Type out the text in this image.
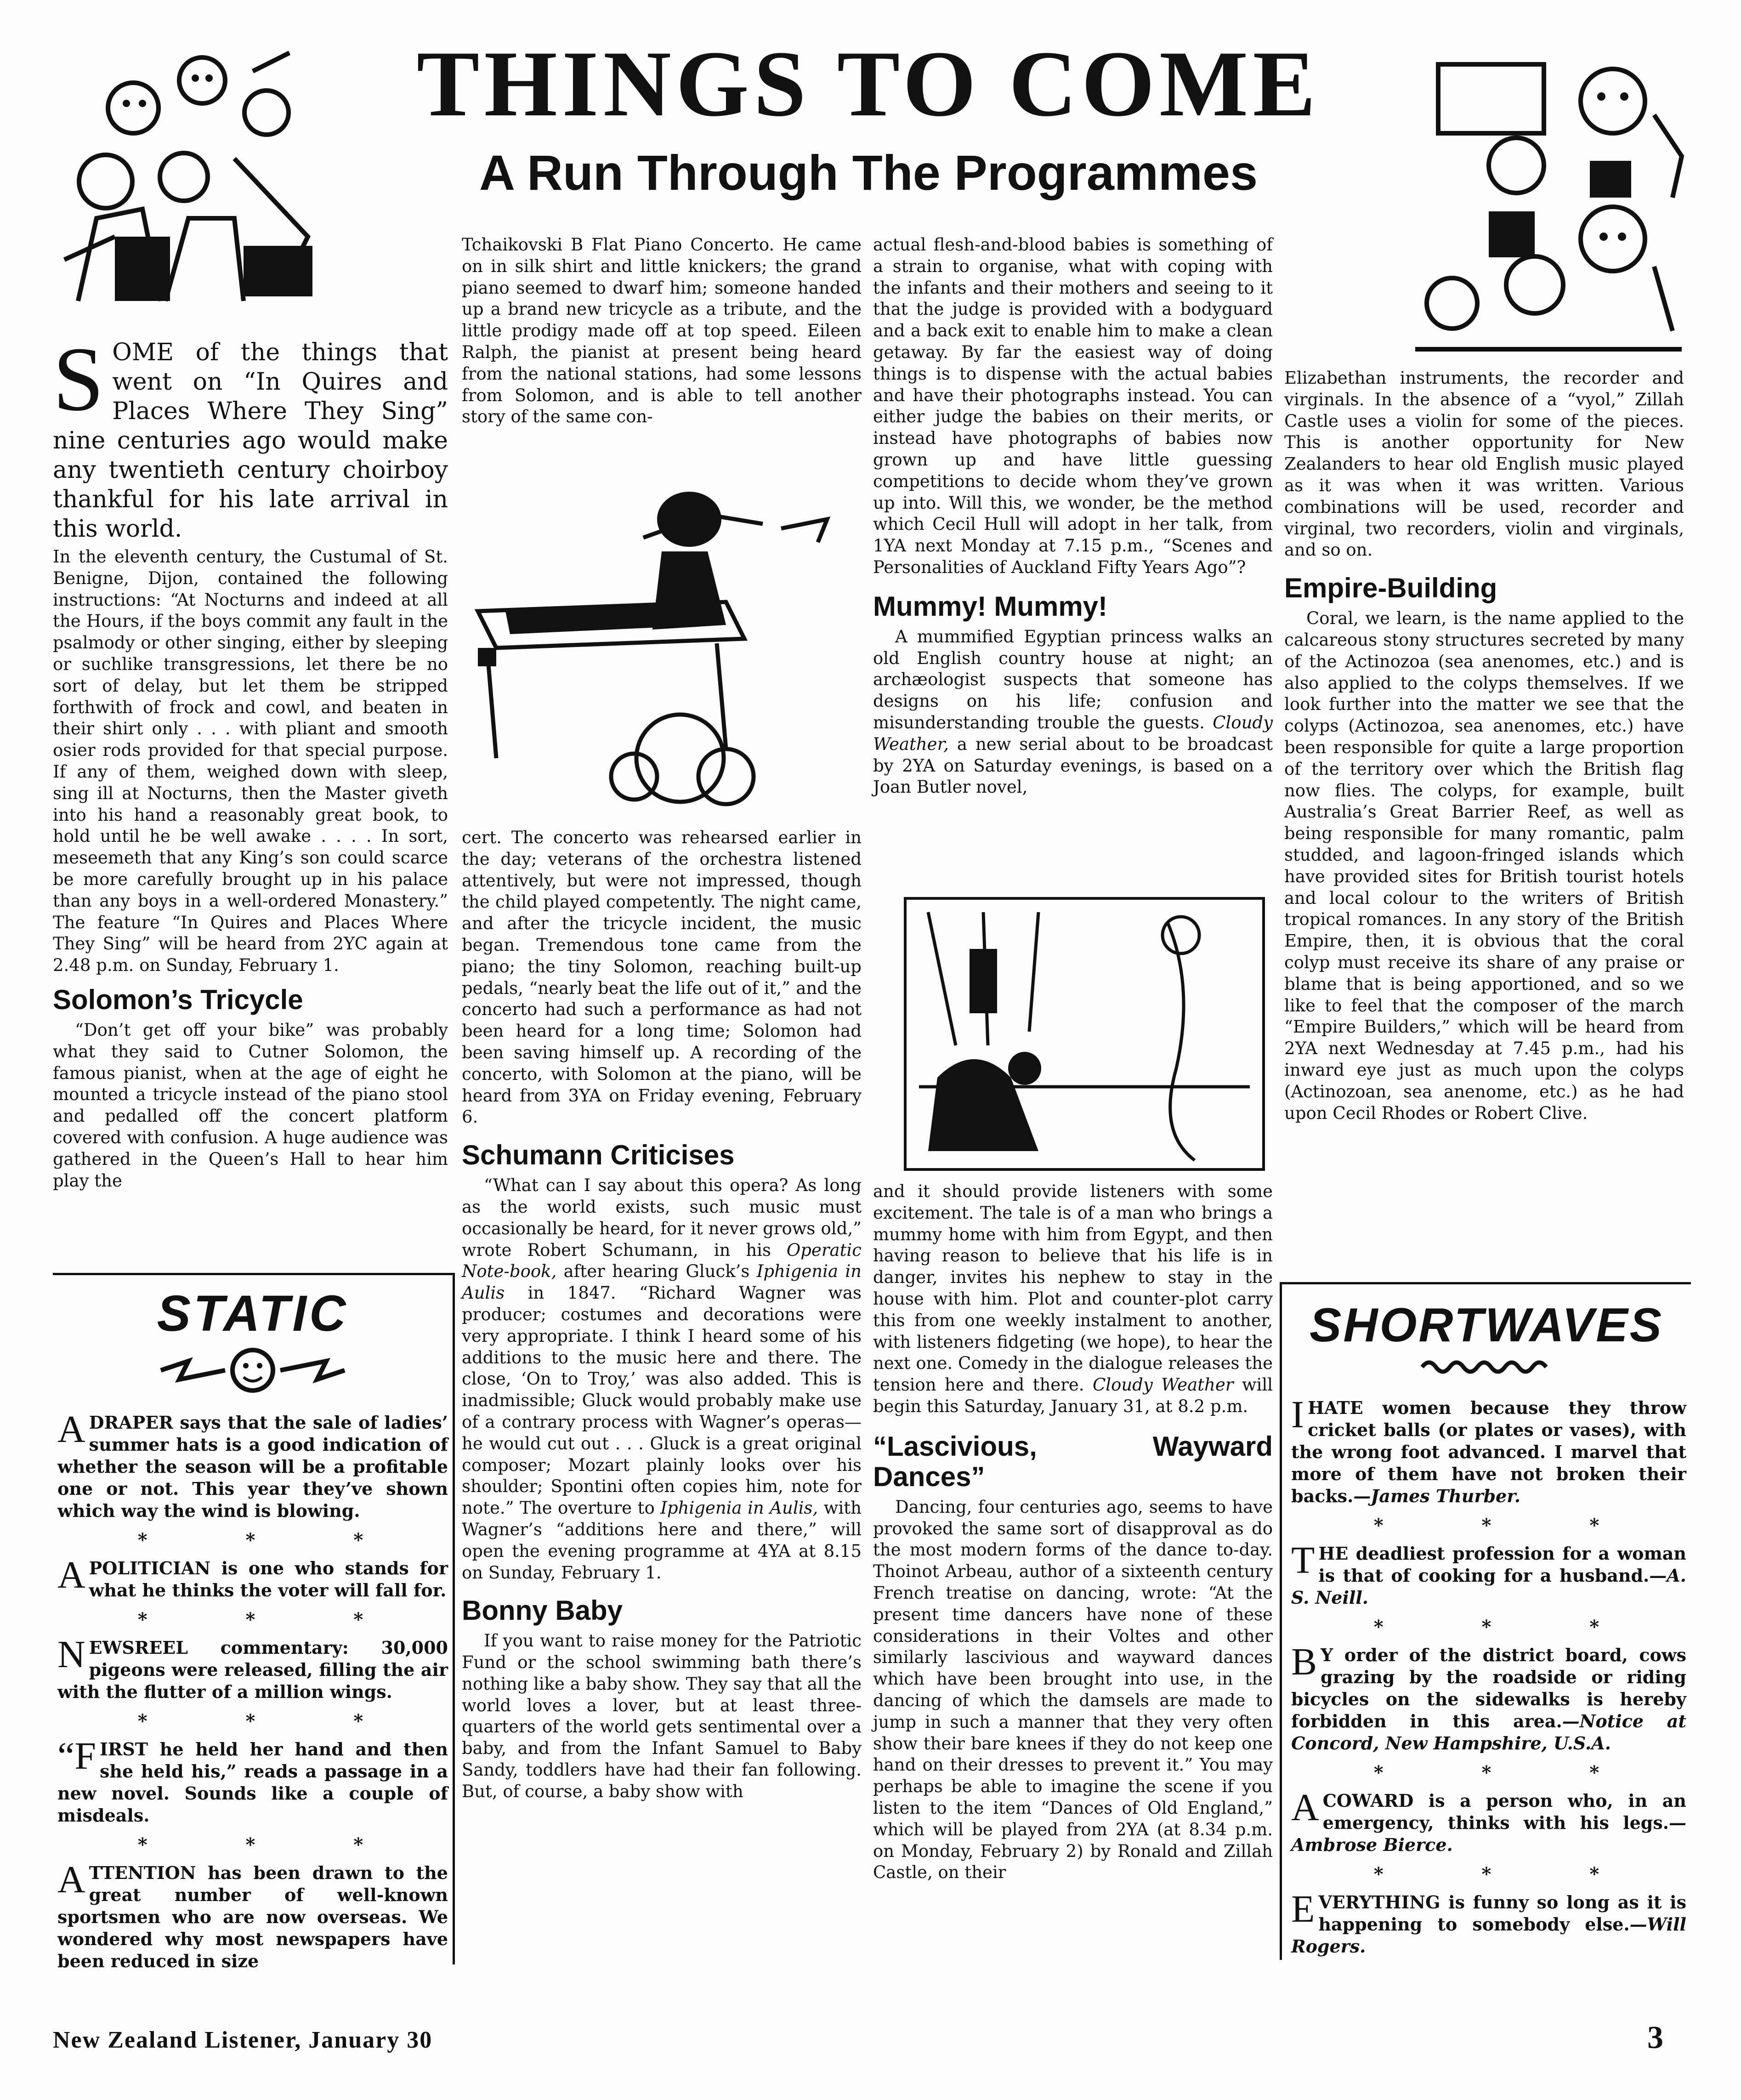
THINGS TO COME
A Run Through The Programmes
SOME of the things that went on “In Quires and Places Where They Sing” nine centuries ago would make any twentieth century choirboy thankful for his late arrival in this world.

In the eleventh century, the Custumal of St. Benigne, Dijon, contained the following instructions: “At Nocturns and indeed at all the Hours, if the boys commit any fault in the psalmody or other singing, either by sleeping or suchlike transgressions, let there be no sort of delay, but let them be stripped forthwith of frock and cowl, and beaten in their shirt only . . . with pliant and smooth osier rods provided for that special purpose. If any of them, weighed down with sleep, sing ill at Nocturns, then the Master giveth into his hand a reasonably great book, to hold until he be well awake . . . . In sort, meseemeth that any King’s son could scarce be more carefully brought up in his palace than any boys in a well-ordered Monastery.” The feature “In Quires and Places Where They Sing” will be heard from 2YC again at 2.48 p.m. on Sunday, February 1.

Solomon’s Tricycle

“Don’t get off your bike” was probably what they said to Cutner Solomon, the famous pianist, when at the age of eight he mounted a tricycle instead of the piano stool and pedalled off the concert platform covered with confusion. A huge audience was gathered in the Queen’s Hall to hear him play the

STATIC
ADRAPER says that the sale of ladies’ summer hats is a good indication of whether the season will be a profitable one or not. This year they’ve shown which way the wind is blowing.
* * *
APOLITICIAN is one who stands for what he thinks the voter will fall for.
* * *
NEWSREEL commentary: 30,000 pigeons were released, filling the air with the flutter of a million wings.
* * *
“FIRST he held her hand and then she held his,” reads a passage in a new novel. Sounds like a couple of misdeals.
* * *
ATTENTION has been drawn to the great number of well-known sportsmen who are now overseas. We wondered why most newspapers have been reduced in size

Tchaikovski B Flat Piano Concerto. He came on in silk shirt and little knickers; the grand piano seemed to dwarf him; someone handed up a brand new tricycle as a tribute, and the little prodigy made off at top speed. Eileen Ralph, the pianist at present being heard from the national stations, had some lessons from Solomon, and is able to tell another story of the same con-

cert. The concerto was rehearsed earlier in the day; veterans of the orchestra listened attentively, but were not impressed, though the child played competently. The night came, and after the tricycle incident, the music began. Tremendous tone came from the piano; the tiny Solomon, reaching built-up pedals, “nearly beat the life out of it,” and the concerto had such a performance as had not been heard for a long time; Solomon had been saving himself up. A recording of the concerto, with Solomon at the piano, will be heard from 3YA on Friday evening, February 6.

Schumann Criticises

“What can I say about this opera? As long as the world exists, such music must occasionally be heard, for it never grows old,” wrote Robert Schumann, in his Operatic Note-book, after hearing Gluck’s Iphigenia in Aulis in 1847. “Richard Wagner was producer; costumes and decorations were very appropriate. I think I heard some of his additions to the music here and there. The close, ‘On to Troy,’ was also added. This is inadmissible; Gluck would probably make use of a contrary process with Wagner’s operas—he would cut out . . . Gluck is a great original composer; Mozart plainly looks over his shoulder; Spontini often copies him, note for note.” The overture to Iphigenia in Aulis, with Wagner’s “additions here and there,” will open the evening programme at 4YA at 8.15 on Sunday, February 1.

Bonny Baby

If you want to raise money for the Patriotic Fund or the school swimming bath there’s nothing like a baby show. They say that all the world loves a lover, but at least three-quarters of the world gets sentimental over a baby, and from the Infant Samuel to Baby Sandy, toddlers have had their fan following. But, of course, a baby show with

actual flesh-and-blood babies is something of a strain to organise, what with coping with the infants and their mothers and seeing to it that the judge is provided with a bodyguard and a back exit to enable him to make a clean getaway. By far the easiest way of doing things is to dispense with the actual babies and have their photographs instead. You can either judge the babies on their merits, or instead have photographs of babies now grown up and have little guessing competitions to decide whom they’ve grown up into. Will this, we wonder, be the method which Cecil Hull will adopt in her talk, from 1YA next Monday at 7.15 p.m., “Scenes and Personalities of Auckland Fifty Years Ago”?

Mummy! Mummy!

A mummified Egyptian princess walks an old English country house at night; an archæologist suspects that someone has designs on his life; confusion and misunderstanding trouble the guests. Cloudy Weather, a new serial about to be broadcast by 2YA on Saturday evenings, is based on a Joan Butler novel,

and it should provide listeners with some excitement. The tale is of a man who brings a mummy home with him from Egypt, and then having reason to believe that his life is in danger, invites his nephew to stay in the house with him. Plot and counter-plot carry this from one weekly instalment to another, with listeners fidgeting (we hope), to hear the next one. Comedy in the dialogue releases the tension here and there. Cloudy Weather will begin this Saturday, January 31, at 8.2 p.m.

“Lascivious, Wayward Dances”

Dancing, four centuries ago, seems to have provoked the same sort of disapproval as do the most modern forms of the dance to-day. Thoinot Arbeau, author of a sixteenth century French treatise on dancing, wrote: “At the present time dancers have none of these considerations in their Voltes and other similarly lascivious and wayward dances which have been brought into use, in the dancing of which the damsels are made to jump in such a manner that they very often show their bare knees if they do not keep one hand on their dresses to prevent it.” You may perhaps be able to imagine the scene if you listen to the item “Dances of Old England,” which will be played from 2YA (at 8.34 p.m. on Monday, February 2) by Ronald and Zillah Castle, on their

Elizabethan instruments, the recorder and virginals. In the absence of a “vyol,” Zillah Castle uses a violin for some of the pieces. This is another opportunity for New Zealanders to hear old English music played as it was when it was written. Various combinations will be used, recorder and virginal, two recorders, violin and virginals, and so on.

Empire-Building

Coral, we learn, is the name applied to the calcareous stony structures secreted by many of the Actinozoa (sea anenomes, etc.) and is also applied to the colyps themselves. If we look further into the matter we see that the colyps (Actinozoa, sea anenomes, etc.) have been responsible for quite a large proportion of the territory over which the British flag now flies. The colyps, for example, built Australia’s Great Barrier Reef, as well as being responsible for many romantic, palm studded, and lagoon-fringed islands which have provided sites for British tourist hotels and local colour to the writers of British tropical romances. In any story of the British Empire, then, it is obvious that the coral colyp must receive its share of any praise or blame that is being apportioned, and so we like to feel that the composer of the march “Empire Builders,” which will be heard from 2YA next Wednesday at 7.45 p.m., had his inward eye just as much upon the colyps (Actinozoan, sea anenome, etc.) as he had upon Cecil Rhodes or Robert Clive.

SHORTWAVES
IHATE women because they throw cricket balls (or plates or vases), with the wrong foot advanced. I marvel that more of them have not broken their backs.—James Thurber.
* * *
THE deadliest profession for a woman is that of cooking for a husband.—A. S. Neill.
* * *
B Y order of the district board, cows grazing by the roadside or riding bicycles on the sidewalks is hereby forbidden in this area.—Notice at Concord, New Hampshire, U.S.A.
* * *
ACOWARD is a person who, in an emergency, thinks with his legs.—Ambrose Bierce.
* * *
EVERYTHING is funny so long as it is happening to somebody else.—Will Rogers.
New Zealand Listener, January 30	3
